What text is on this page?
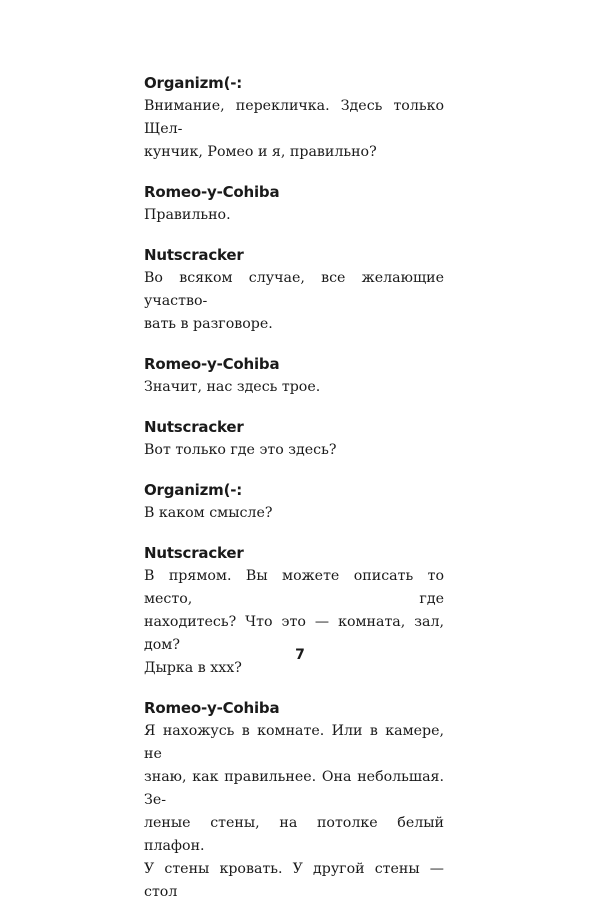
Organizm(-:
Внимание, перекличка. Здесь только Щел-
кунчик, Ромео и я, правильно?
Romeo-y-Cohiba
Правильно.
Nutscracker
Во всяком случае, все желающие участво-
вать в разговоре.
Romeo-y-Cohiba
Значит, нас здесь трое.
Nutscracker
Вот только где это здесь?
Organizm(-:
В каком смысле?
Nutscracker
В прямом. Вы можете описать то место, где
находитесь? Что это — комната, зал, дом?
Дырка в ххх?
Romeo-y-Cohiba
Я нахожусь в комнате. Или в камере, не
знаю, как правильнее. Она небольшая. Зе-
леные стены, на потолке белый плафон.
У стены кровать. У другой стены — стол
7
